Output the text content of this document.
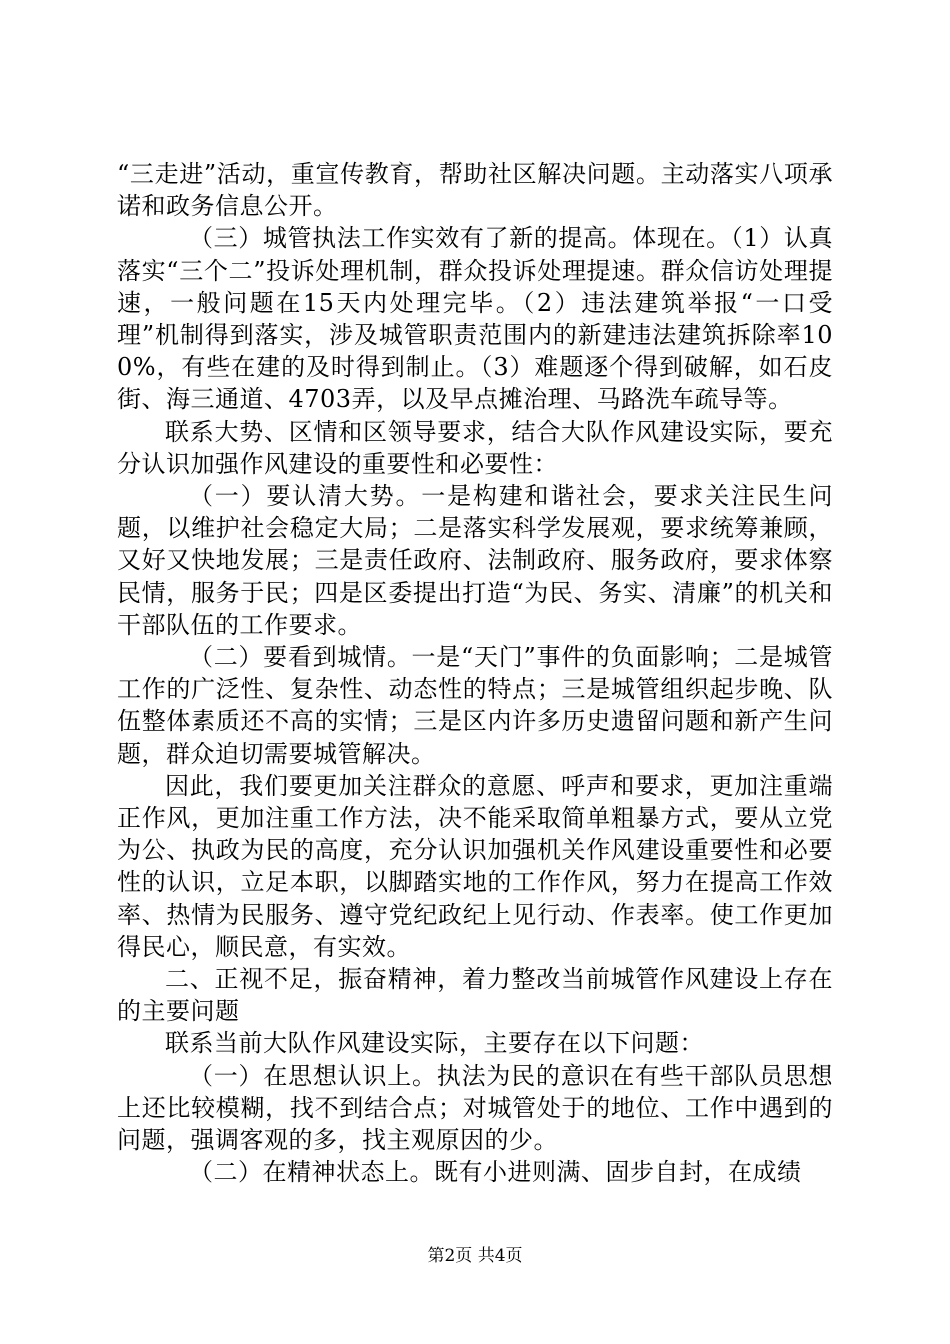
“三走进”活动，重宣传教育，帮助社区解决问题。主动落实八项承诺和政务信息公开。

（三）城管执法工作实效有了新的提高。体现在。（1）认真落实“三个二”投诉处理机制，群众投诉处理提速。群众信访处理提速，一般问题在15天内处理完毕。（2）违法建筑举报“一口受理”机制得到落实，涉及城管职责范围内的新建违法建筑拆除率100%，有些在建的及时得到制止。（3）难题逐个得到破解，如石皮街、海三通道、4703弄，以及早点摊治理、马路洗车疏导等。

联系大势、区情和区领导要求，结合大队作风建设实际，要充分认识加强作风建设的重要性和必要性：

（一）要认清大势。一是构建和谐社会，要求关注民生问题，以维护社会稳定大局；二是落实科学发展观，要求统筹兼顾，又好又快地发展；三是责任政府、法制政府、服务政府，要求体察民情，服务于民；四是区委提出打造“为民、务实、清廉”的机关和干部队伍的工作要求。

（二）要看到城情。一是“天门”事件的负面影响；二是城管工作的广泛性、复杂性、动态性的特点；三是城管组织起步晚、队伍整体素质还不高的实情；三是区内许多历史遗留问题和新产生问题，群众迫切需要城管解决。

因此，我们要更加关注群众的意愿、呼声和要求，更加注重端正作风，更加注重工作方法，决不能采取简单粗暴方式，要从立党为公、执政为民的高度，充分认识加强机关作风建设重要性和必要性的认识，立足本职，以脚踏实地的工作作风，努力在提高工作效率、热情为民服务、遵守党纪政纪上见行动、作表率。使工作更加得民心，顺民意，有实效。

二、正视不足，振奋精神，着力整改当前城管作风建设上存在的主要问题

联系当前大队作风建设实际，主要存在以下问题：

（一）在思想认识上。执法为民的意识在有些干部队员思想上还比较模糊，找不到结合点；对城管处于的地位、工作中遇到的问题，强调客观的多，找主观原因的少。

（二）在精神状态上。既有小进则满、固步自封，在成绩

第2页 共4页
